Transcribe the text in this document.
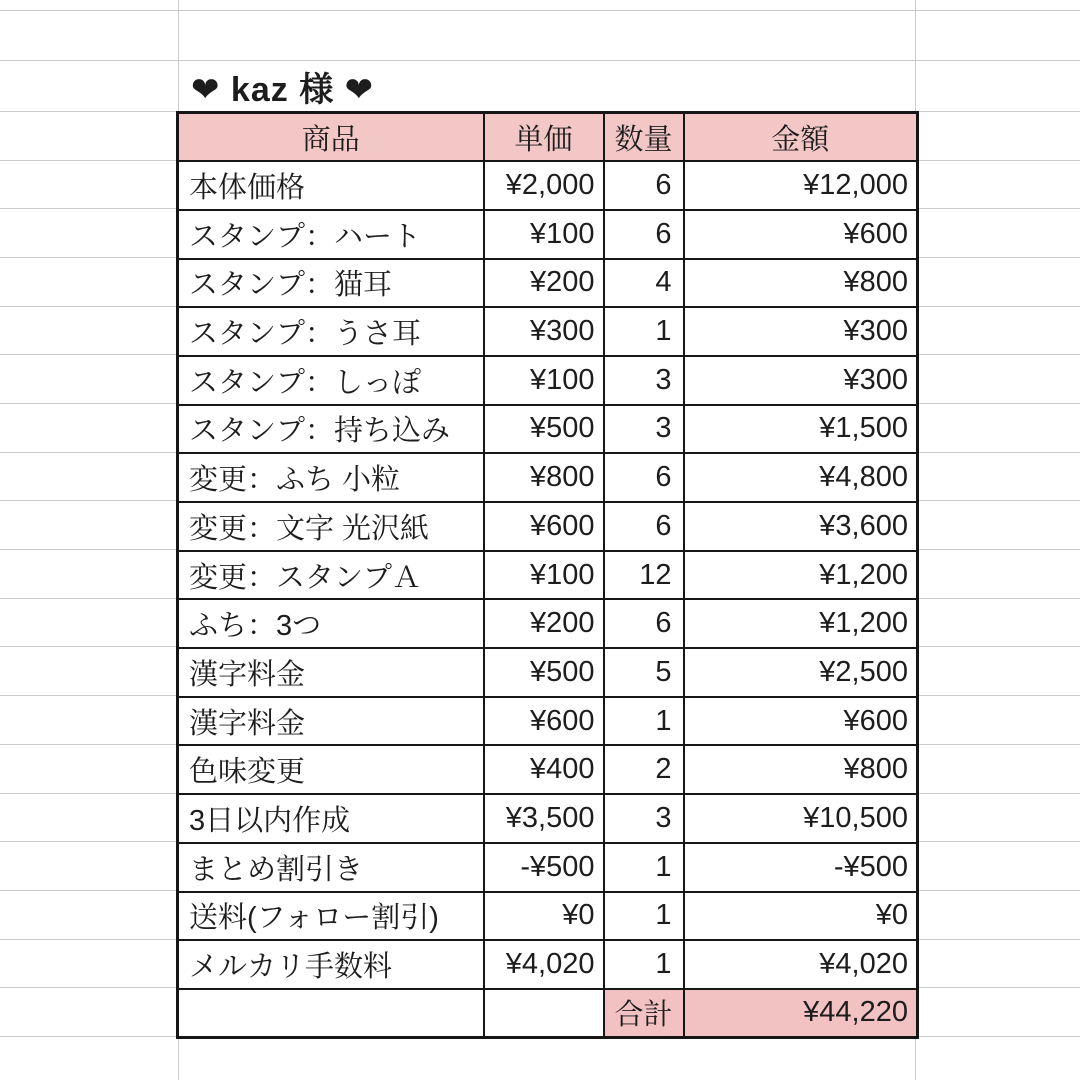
❤ kaz 様 ❤
商品	単価	数量	金額
本体価格	¥2,000	6	¥12,000
スタンプ：ハート	¥100	6	¥600
スタンプ：猫耳	¥200	4	¥800
スタンプ：うさ耳	¥300	1	¥300
スタンプ：しっぽ	¥100	3	¥300
スタンプ：持ち込み	¥500	3	¥1,500
変更：ふち 小粒	¥800	6	¥4,800
変更：文字 光沢紙	¥600	6	¥3,600
変更：スタンプＡ	¥100	12	¥1,200
ふち：3つ	¥200	6	¥1,200
漢字料金	¥500	5	¥2,500
漢字料金	¥600	1	¥600
色味変更	¥400	2	¥800
3日以内作成	¥3,500	3	¥10,500
まとめ割引き	-¥500	1	-¥500
送料(フォロー割引)	¥0	1	¥0
メルカリ手数料	¥4,020	1	¥4,020
		合計	¥44,220
